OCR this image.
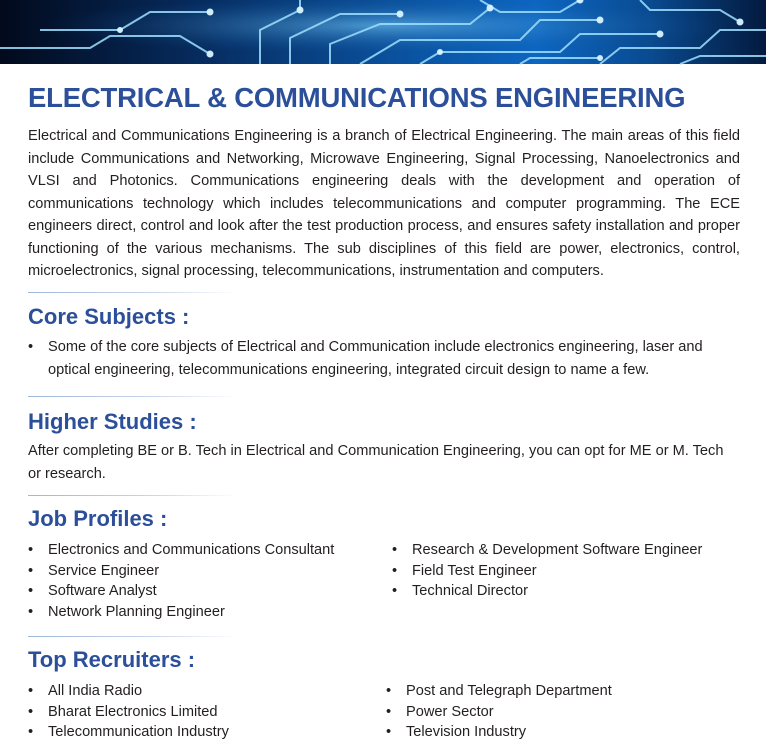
ELECTRICAL & COMMUNICATIONS ENGINEERING

Electrical and Communications Engineering is a branch of Electrical Engineering. The main areas of this field include Communications and Networking, Microwave Engineering, Signal Processing, Nanoelectronics and VLSI and Photonics. Communications engineering deals with the development and operation of communications technology which includes telecommunications and computer programming. The ECE engineers direct, control and look after the test production process, and ensures safety installation and proper functioning of the various mechanisms. The sub disciplines of this field are power, electronics, control, microelectronics, signal processing, telecommunications, instrumentation and computers.

Core Subjects :
• Some of the core subjects of Electrical and Communication include electronics engineering, laser and optical engineering, telecommunications engineering, integrated circuit design to name a few.
Higher Studies :

After completing BE or B. Tech in Electrical and Communication Engineering, you can opt for ME or M. Tech or research.

Job Profiles :
• Electronics and Communications Consultant
• Service Engineer
• Software Analyst
• Network Planning Engineer
• Research & Development Software Engineer
• Field Test Engineer
• Technical Director
Top Recruiters :
• All India Radio
• Bharat Electronics Limited
• Telecommunication Industry
• Post and Telegraph Department
• Power Sector
• Television Industry
